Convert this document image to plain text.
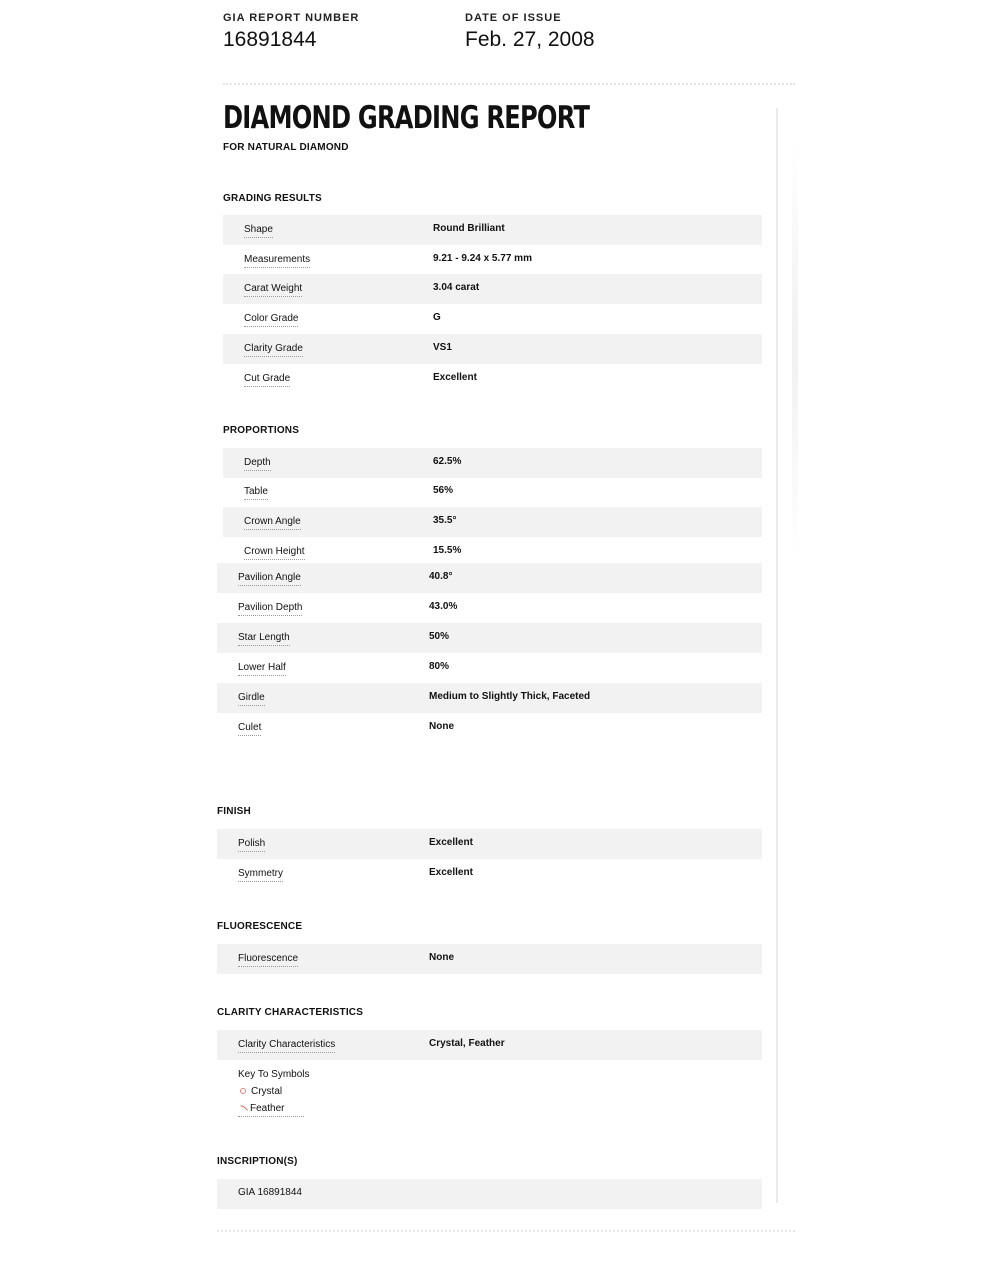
GIA REPORT NUMBER
16891844
DATE OF ISSUE
Feb. 27, 2008
DIAMOND GRADING REPORT
FOR NATURAL DIAMOND
GRADING RESULTS
Shape	Round Brilliant
Measurements	9.21 - 9.24 x 5.77 mm
Carat Weight	3.04 carat
Color Grade	G
Clarity Grade	VS1
Cut Grade	Excellent
PROPORTIONS
Depth	62.5%
Table	56%
Crown Angle	35.5°
Crown Height	15.5%
Pavilion Angle	40.8°
Pavilion Depth	43.0%
Star Length	50%
Lower Half	80%
Girdle	Medium to Slightly Thick, Faceted
Culet	None
FINISH
Polish	Excellent
Symmetry	Excellent
FLUORESCENCE
Fluorescence	None
CLARITY CHARACTERISTICS
Clarity Characteristics	Crystal, Feather
Key To Symbols
Crystal
Feather
INSCRIPTION(S)
GIA 16891844
